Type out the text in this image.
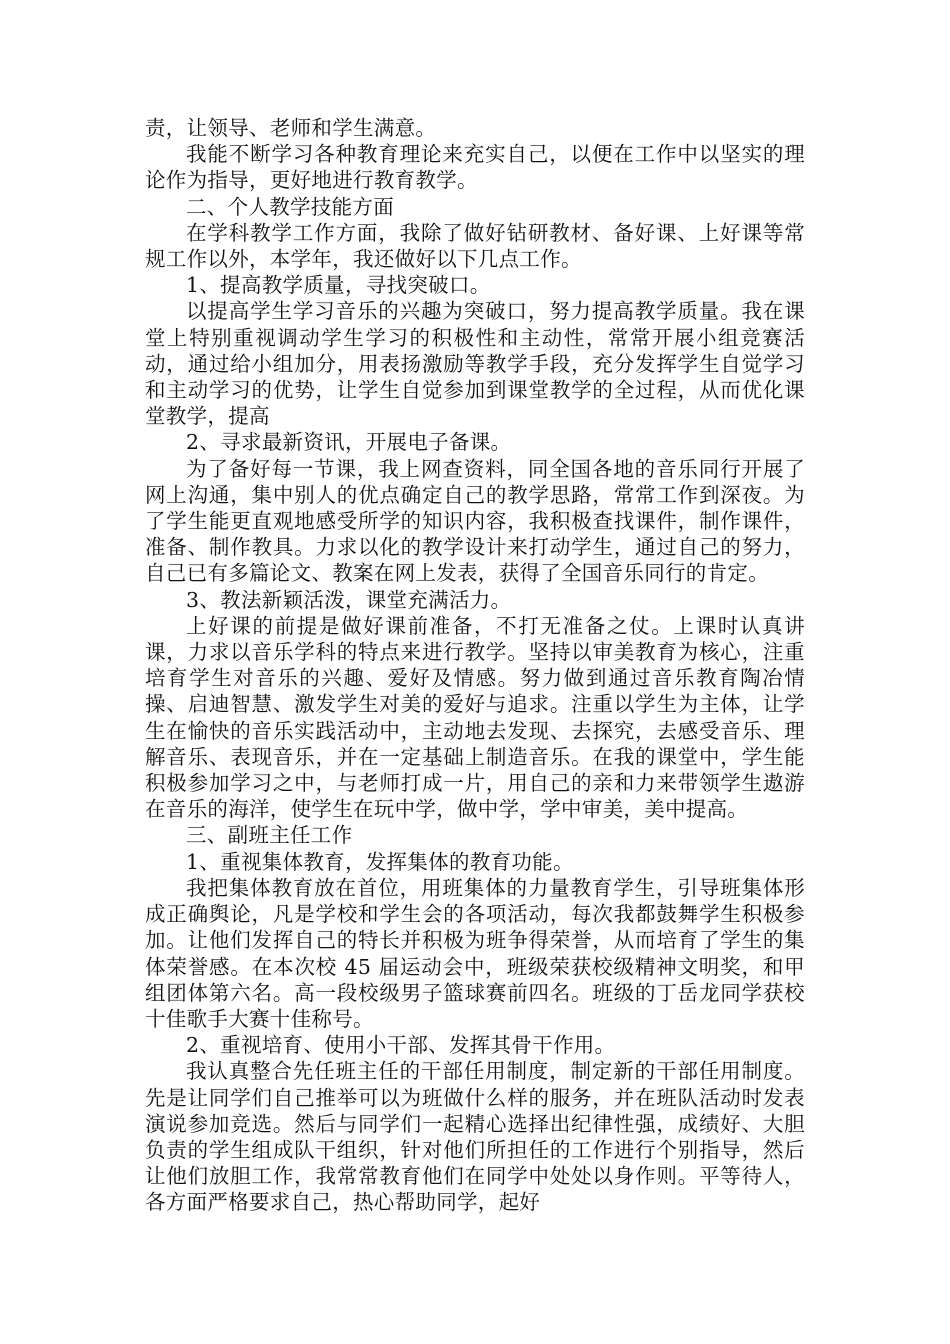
责，让领导、老师和学生满意。

我能不断学习各种教育理论来充实自己，以便在工作中以坚实的理论作为指导，更好地进行教育教学。

二、个人教学技能方面

在学科教学工作方面，我除了做好钻研教材、备好课、上好课等常规工作以外，本学年，我还做好以下几点工作。

1、提高教学质量，寻找突破口。

以提高学生学习音乐的兴趣为突破口，努力提高教学质量。我在课堂上特别重视调动学生学习的积极性和主动性，常常开展小组竞赛活动，通过给小组加分，用表扬激励等教学手段，充分发挥学生自觉学习和主动学习的优势，让学生自觉参加到课堂教学的全过程，从而优化课堂教学，提高

2、寻求最新资讯，开展电子备课。

为了备好每一节课，我上网查资料，同全国各地的音乐同行开展了网上沟通，集中别人的优点确定自己的教学思路，常常工作到深夜。为了学生能更直观地感受所学的知识内容，我积极查找课件，制作课件，准备、制作教具。力求以化的教学设计来打动学生，通过自己的努力，自己已有多篇论文、教案在网上发表，获得了全国音乐同行的肯定。

3、教法新颖活泼，课堂充满活力。

上好课的前提是做好课前准备，不打无准备之仗。上课时认真讲课，力求以音乐学科的特点来进行教学。坚持以审美教育为核心，注重培育学生对音乐的兴趣、爱好及情感。努力做到通过音乐教育陶冶情操、启迪智慧、激发学生对美的爱好与追求。注重以学生为主体，让学生在愉快的音乐实践活动中，主动地去发现、去探究，去感受音乐、理解音乐、表现音乐，并在一定基础上制造音乐。在我的课堂中，学生能积极参加学习之中，与老师打成一片，用自己的亲和力来带领学生遨游在音乐的海洋，使学生在玩中学，做中学，学中审美，美中提高。

三、副班主任工作

1、重视集体教育，发挥集体的教育功能。

我把集体教育放在首位，用班集体的力量教育学生，引导班集体形成正确舆论，凡是学校和学生会的各项活动，每次我都鼓舞学生积极参加。让他们发挥自己的特长并积极为班争得荣誉，从而培育了学生的集体荣誉感。在本次校 45 届运动会中，班级荣获校级精神文明奖，和甲组团体第六名。高一段校级男子篮球赛前四名。班级的丁岳龙同学获校十佳歌手大赛十佳称号。

2、重视培育、使用小干部、发挥其骨干作用。

我认真整合先任班主任的干部任用制度，制定新的干部任用制度。先是让同学们自己推举可以为班做什么样的服务，并在班队活动时发表演说参加竞选。然后与同学们一起精心选择出纪律性强，成绩好、大胆负责的学生组成队干组织，针对他们所担任的工作进行个别指导，然后让他们放胆工作，我常常教育他们在同学中处处以身作则。平等待人，各方面严格要求自己，热心帮助同学，起好
